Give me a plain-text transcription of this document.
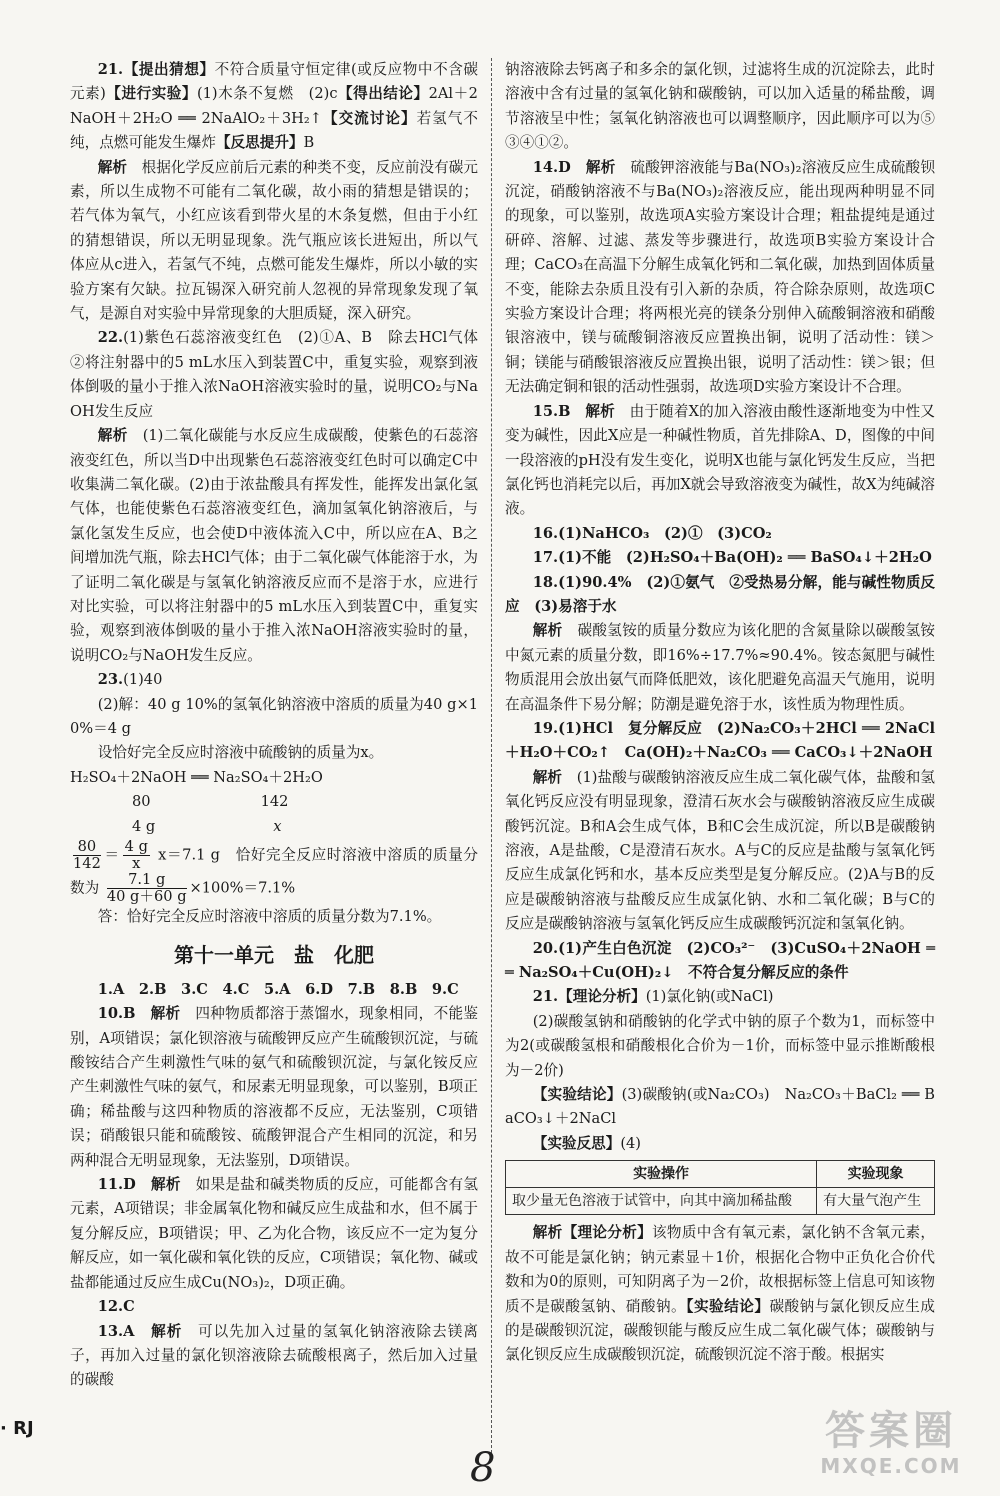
21.【提出猜想】不符合质量守恒定律(或反应物中不含碳元素)【进行实验】(1)木条不复燃　(2)c【得出结论】2Al＋2NaOH＋2H₂O ══ 2NaAlO₂＋3H₂↑【交流讨论】若氢气不纯，点燃可能发生爆炸【反思提升】B

解析　 根据化学反应前后元素的种类不变，反应前没有碳元素，所以生成物不可能有二氧化碳，故小雨的猜想是错误的；若气体为氧气，小红应该看到带火星的木条复燃，但由于小红的猜想错误，所以无明显现象。洗气瓶应该长进短出，所以气体应从c进入，若氢气不纯，点燃可能发生爆炸，所以小敏的实验方案有欠缺。拉瓦锡深入研究前人忽视的异常现象发现了氧气，是源自对实验中异常现象的大胆质疑，深入研究。

22.(1)紫色石蕊溶液变红色　(2)①A、B　除去HCl气体　②将注射器中的5 mL水压入到装置C中，重复实验，观察到液体倒吸的量小于推入浓NaOH溶液实验时的量，说明CO₂与NaOH发生反应

解析　 (1)二氧化碳能与水反应生成碳酸，使紫色的石蕊溶液变红色，所以当D中出现紫色石蕊溶液变红色时可以确定C中收集满二氧化碳。(2)由于浓盐酸具有挥发性，能挥发出氯化氢气体，也能使紫色石蕊溶液变红色，滴加氢氧化钠溶液后，与氯化氢发生反应，也会使D中液体流入C中，所以应在A、B之间增加洗气瓶，除去HCl气体；由于二氧化碳气体能溶于水，为了证明二氧化碳是与氢氧化钠溶液反应而不是溶于水，应进行对比实验，可以将注射器中的5 mL水压入到装置C中，重复实验，观察到液体倒吸的量小于推入浓NaOH溶液实验时的量，说明CO₂与NaOH发生反应。

23.(1)40

(2)解：40 g 10%的氢氧化钠溶液中溶质的质量为40 g×10%＝4 g

设恰好完全反应时溶液中硫酸钠的质量为x。

H₂SO₄＋2NaOH ══ Na₂SO₄＋2H₂O

80	142

4 g	x

$\frac{80}{142} = \frac{4 g}{x} x=7.1$ g　恰好完全反应时溶液中溶质的质量分数为 $\frac{7.1 g}{40 g+60 g} \times 100\%=7.1\%$

答：恰好完全反应时溶液中溶质的质量分数为7.1%。

第十一单元　盐　化肥

1.A　2.B　3.C　4.C　5.A　6.D　7.B　8.B　9.C

10.B　 解析　 四种物质都溶于蒸馏水，现象相同，不能鉴别，A项错误；氯化钡溶液与硫酸钾反应产生硫酸钡沉淀，与硫酸铵结合产生刺激性气味的氨气和硫酸钡沉淀，与氯化铵反应产生刺激性气味的氨气，和尿素无明显现象，可以鉴别，B项正确；稀盐酸与这四种物质的溶液都不反应，无法鉴别，C项错误；硝酸银只能和硫酸铵、硫酸钾混合产生相同的沉淀，和另两种混合无明显现象，无法鉴别，D项错误。

11.D　 解析　 如果是盐和碱类物质的反应，可能都含有氢元素，A项错误；非金属氧化物和碱反应生成盐和水，但不属于复分解反应，B项错误；甲、乙为化合物，该反应不一定为复分解反应，如一氧化碳和氧化铁的反应，C项错误；氧化物、碱或盐都能通过反应生成Cu(NO₃)₂，D项正确。

12.C

13.A　 解析　 可以先加入过量的氢氧化钠溶液除去镁离子，再加入过量的氯化钡溶液除去硫酸根离子，然后加入过量的碳酸

钠溶液除去钙离子和多余的氯化钡，过滤将生成的沉淀除去，此时溶液中含有过量的氢氧化钠和碳酸钠，可以加入适量的稀盐酸，调节溶液呈中性；氢氧化钠溶液也可以调整顺序，因此顺序可以为⑤③④①②。

14.D　 解析　 硫酸钾溶液能与Ba(NO₃)₂溶液反应生成硫酸钡沉淀，硝酸钠溶液不与Ba(NO₃)₂溶液反应，能出现两种明显不同的现象，可以鉴别，故选项A实验方案设计合理；粗盐提纯是通过研碎、溶解、过滤、蒸发等步骤进行，故选项B实验方案设计合理；CaCO₃在高温下分解生成氧化钙和二氧化碳，加热到固体质量不变，能除去杂质且没有引入新的杂质，符合除杂原则，故选项C实验方案设计合理；将两根光亮的镁条分别伸入硫酸铜溶液和硝酸银溶液中，镁与硫酸铜溶液反应置换出铜，说明了活动性：镁＞铜；镁能与硝酸银溶液反应置换出银，说明了活动性：镁＞银；但无法确定铜和银的活动性强弱，故选项D实验方案设计不合理。

15.B　 解析　 由于随着X的加入溶液由酸性逐渐地变为中性又变为碱性，因此X应是一种碱性物质，首先排除A、D，图像的中间一段溶液的pH没有发生变化，说明X也能与氯化钙发生反应，当把氯化钙也消耗完以后，再加X就会导致溶液变为碱性，故X为纯碱溶液。

16.(1)NaHCO₃　(2)①　(3)CO₂

17.(1)不能　(2)H₂SO₄＋Ba(OH)₂ ══ BaSO₄↓＋2H₂O

18.(1)90.4%　(2)①氨气　②受热易分解，能与碱性物质反应　(3)易溶于水

解析　 碳酸氢铵的质量分数应为该化肥的含氮量除以碳酸氢铵中氮元素的质量分数，即16%÷17.7%≈90.4%。铵态氮肥与碱性物质混用会放出氨气而降低肥效，该化肥避免高温天气施用，说明在高温条件下易分解；防潮是避免溶于水，该性质为物理性质。

19.(1)HCl　复分解反应　(2)Na₂CO₃＋2HCl ══ 2NaCl＋H₂O＋CO₂↑　Ca(OH)₂＋Na₂CO₃ ══ CaCO₃↓＋2NaOH

解析　 (1)盐酸与碳酸钠溶液反应生成二氧化碳气体，盐酸和氢氧化钙反应没有明显现象，澄清石灰水会与碳酸钠溶液反应生成碳酸钙沉淀。B和A会生成气体，B和C会生成沉淀，所以B是碳酸钠溶液，A是盐酸，C是澄清石灰水。A与C的反应是盐酸与氢氧化钙反应生成氯化钙和水，基本反应类型是复分解反应。(2)A与B的反应是碳酸钠溶液与盐酸反应生成氯化钠、水和二氧化碳；B与C的反应是碳酸钠溶液与氢氧化钙反应生成碳酸钙沉淀和氢氧化钠。

20.(1)产生白色沉淀　(2)CO₃²⁻　(3)CuSO₄＋2NaOH ══ Na₂SO₄＋Cu(OH)₂↓　不符合复分解反应的条件

21.【理论分析】(1)氯化钠(或NaCl)

(2)碳酸氢钠和硝酸钠的化学式中钠的原子个数为1，而标签中为2(或碳酸氢根和硝酸根化合价为－1价，而标签中显示推断酸根为－2价)

【实验结论】(3)碳酸钠(或Na₂CO₃)　Na₂CO₃＋BaCl₂ ══ BaCO₃↓＋2NaCl

【实验反思】(4)

实验操作	实验现象
取少量无色溶液于试管中，向其中滴加稀盐酸	有大量气泡产生

解析【理论分析】该物质中含有氧元素，氯化钠不含氧元素，故不可能是氯化钠；钠元素显＋1价，根据化合物中正负化合价代数和为0的原则，可知阴离子为－2价，故根据标签上信息可知该物质不是碳酸氢钠、硝酸钠。【实验结论】碳酸钠与氯化钡反应生成的是碳酸钡沉淀，碳酸钡能与酸反应生成二氧化碳气体；碳酸钠与氯化钡反应生成碳酸钡沉淀，硫酸钡沉淀不溶于酸。根据实

· RJ
8
答案圈
MXQE.COM
